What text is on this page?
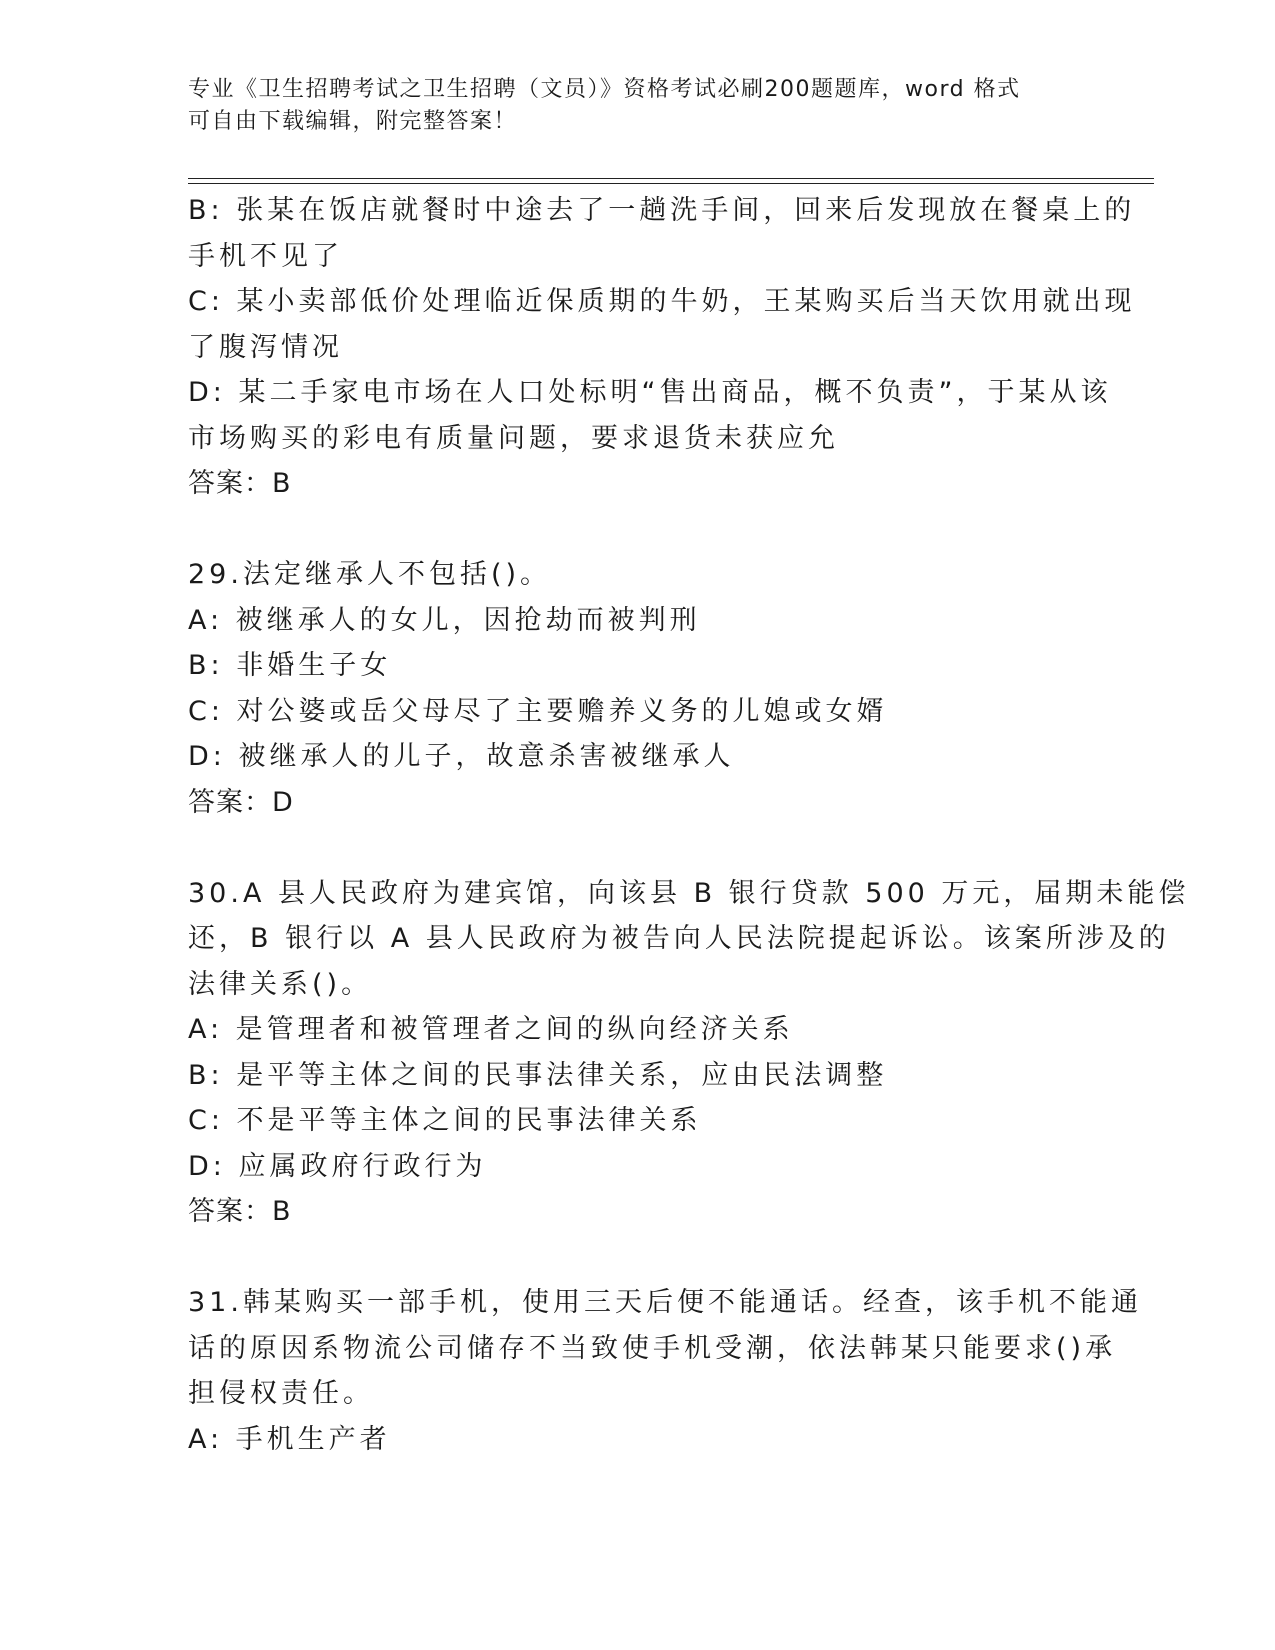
专业《卫生招聘考试之卫生招聘（文员）》资格考试必刷200题题库，word 格式
可自由下载编辑，附完整答案！
B: 张某在饭店就餐时中途去了一趟洗手间，回来后发现放在餐桌上的
手机不见了
C: 某小卖部低价处理临近保质期的牛奶，王某购买后当天饮用就出现
了腹泻情况
D: 某二手家电市场在人口处标明“售出商品，概不负责”，于某从该
市场购买的彩电有质量问题，要求退货未获应允
答案：B
29.法定继承人不包括()。
A: 被继承人的女儿，因抢劫而被判刑
B: 非婚生子女
C: 对公婆或岳父母尽了主要赡养义务的儿媳或女婿
D: 被继承人的儿子，故意杀害被继承人
答案：D
30.A 县人民政府为建宾馆，向该县 B 银行贷款 500 万元，届期未能偿
还，B 银行以 A 县人民政府为被告向人民法院提起诉讼。该案所涉及的
法律关系()。
A: 是管理者和被管理者之间的纵向经济关系
B: 是平等主体之间的民事法律关系，应由民法调整
C: 不是平等主体之间的民事法律关系
D: 应属政府行政行为
答案：B
31.韩某购买一部手机，使用三天后便不能通话。经查，该手机不能通
话的原因系物流公司储存不当致使手机受潮，依法韩某只能要求()承
担侵权责任。
A: 手机生产者
